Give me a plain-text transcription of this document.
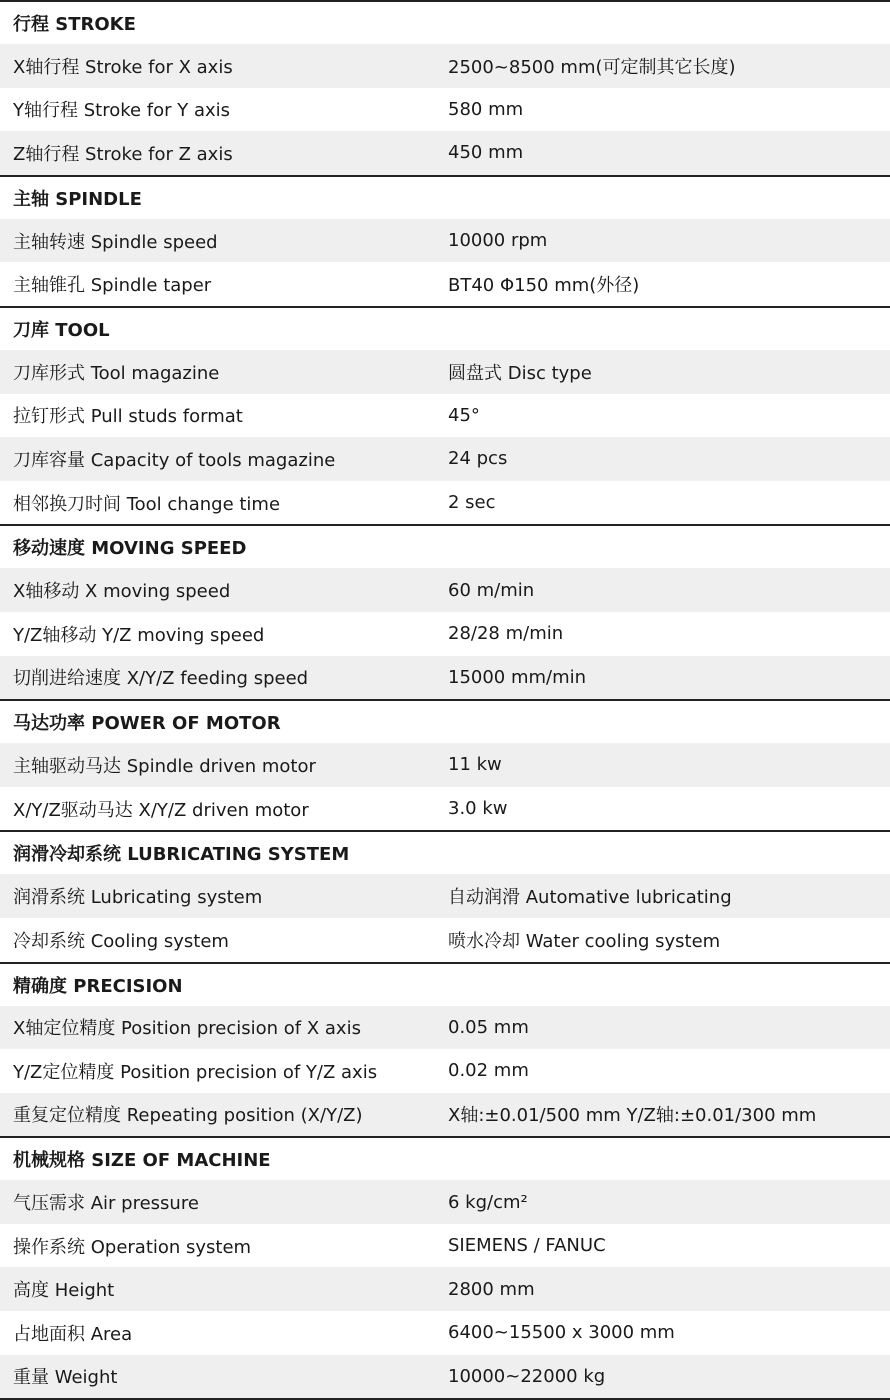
行程 STROKE
X轴行程 Stroke for X axis	2500~8500 mm(可定制其它长度)
Y轴行程 Stroke for Y axis	580 mm
Z轴行程 Stroke for Z axis	450 mm
主轴 SPINDLE
主轴转速 Spindle speed	10000 rpm
主轴锥孔 Spindle taper	BT40 Φ150 mm(外径)
刀库 TOOL
刀库形式 Tool magazine	圆盘式 Disc type
拉钉形式 Pull studs format	45°
刀库容量 Capacity of tools magazine	24 pcs
相邻换刀时间 Tool change time	2 sec
移动速度 MOVING SPEED
X轴移动 X moving speed	60 m/min
Y/Z轴移动 Y/Z moving speed	28/28 m/min
切削进给速度 X/Y/Z feeding speed	15000 mm/min
马达功率 POWER OF MOTOR
主轴驱动马达 Spindle driven motor	11 kw
X/Y/Z驱动马达 X/Y/Z driven motor	3.0 kw
润滑冷却系统 LUBRICATING SYSTEM
润滑系统 Lubricating system	自动润滑 Automative lubricating
冷却系统 Cooling system	喷水冷却 Water cooling system
精确度 PRECISION
X轴定位精度 Position precision of X axis	0.05 mm
Y/Z定位精度 Position precision of Y/Z axis	0.02 mm
重复定位精度 Repeating position (X/Y/Z)	X轴:±0.01/500 mm Y/Z轴:±0.01/300 mm
机械规格 SIZE OF MACHINE
气压需求 Air pressure	6 kg/cm²
操作系统 Operation system	SIEMENS / FANUC
高度 Height	2800 mm
占地面积 Area	6400~15500 x 3000 mm
重量 Weight	10000~22000 kg
